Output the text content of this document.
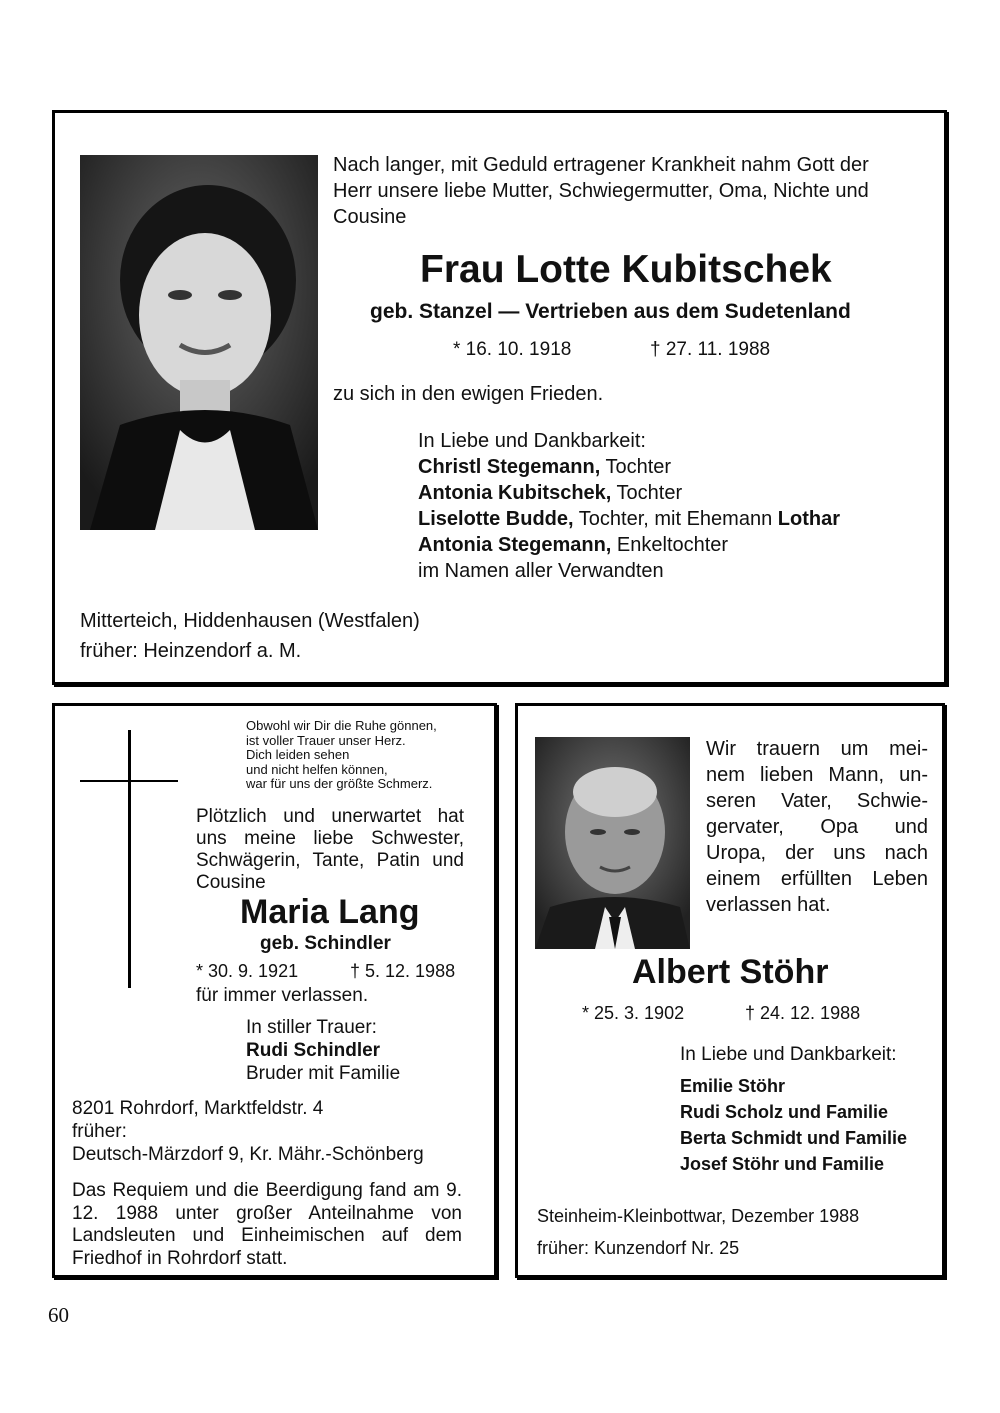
Nach langer, mit Geduld ertragener Krankheit nahm Gott der
Herr unsere liebe Mutter, Schwiegermutter, Oma, Nichte und
Cousine
Frau Lotte Kubitschek
geb. Stanzel — Vertrieben aus dem Sudetenland
* 16. 10. 1918	† 27. 11. 1988
zu sich in den ewigen Frieden.
In Liebe und Dankbarkeit:
Christl Stegemann, Tochter
Antonia Kubitschek, Tochter
Liselotte Budde, Tochter, mit Ehemann Lothar
Antonia Stegemann, Enkeltochter
im Namen aller Verwandten
Mitterteich, Hiddenhausen (Westfalen)
früher: Heinzendorf a. M.
Obwohl wir Dir die Ruhe gönnen,
ist voller Trauer unser Herz.
Dich leiden sehen
und nicht helfen können,
war für uns der größte Schmerz.
Plötzlich und unerwartet hat
uns meine liebe Schwester,
Schwägerin, Tante, Patin und
Cousine
Maria Lang
geb. Schindler
* 30. 9. 1921	† 5. 12. 1988
für immer verlassen.
In stiller Trauer:
Rudi Schindler
Bruder mit Familie
8201 Rohrdorf, Marktfeldstr. 4
früher:
Deutsch-Märzdorf 9, Kr. Mähr.-Schönberg
Das Requiem und die Beerdigung fand am 9.
12. 1988 unter großer Anteilnahme von
Landsleuten und Einheimischen auf dem
Friedhof in Rohrdorf statt.
Wir trauern um mei-
nem lieben Mann, un-
seren Vater, Schwie-
gervater, Opa und
Uropa, der uns nach
einem erfüllten Leben
verlassen hat.
Albert Stöhr
* 25. 3. 1902	† 24. 12. 1988
In Liebe und Dankbarkeit:
Emilie Stöhr
Rudi Scholz und Familie
Berta Schmidt und Familie
Josef Stöhr und Familie
Steinheim-Kleinbottwar, Dezember 1988
früher: Kunzendorf Nr. 25
60
